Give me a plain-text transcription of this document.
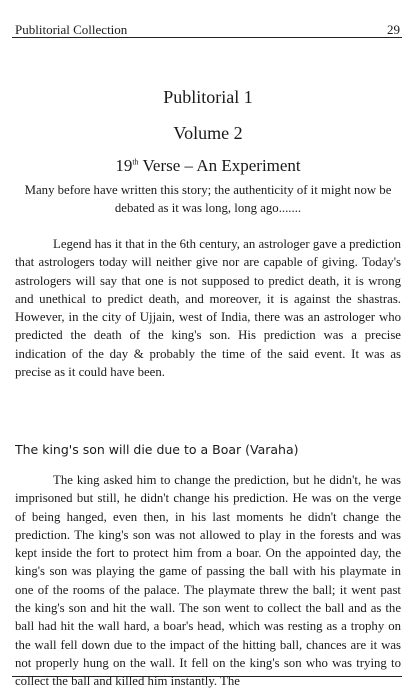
Publitorial Collection	29
Publitorial 1
Volume 2
19th Verse – An Experiment
Many before have written this story; the authenticity of it might now be debated as it was long, long ago.......
Legend has it that in the 6th century, an astrologer gave a prediction that astrologers today will neither give nor are capable of giving. Today's astrologers will say that one is not supposed to predict death, it is wrong and unethical to predict death, and moreover, it is against the shastras. However, in the city of Ujjain, west of India, there was an astrologer who predicted the death of the king's son. His prediction was a precise indication of the day & probably the time of the said event. It was as precise as it could have been.
The king's son will die due to a Boar (Varaha)
The king asked him to change the prediction, but he didn't, he was imprisoned but still, he didn't change his prediction. He was on the verge of being hanged, even then, in his last moments he didn't change the prediction. The king's son was not allowed to play in the forests and was kept inside the fort to protect him from a boar. On the appointed day, the king's son was playing the game of passing the ball with his playmate in one of the rooms of the palace. The playmate threw the ball; it went past the king's son and hit the wall. The son went to collect the ball and as the ball had hit the wall hard, a boar's head, which was resting as a trophy on the wall fell down due to the impact of the hitting ball, chances are it was not properly hung on the wall. It fell on the king's son who was trying to collect the ball and killed him instantly. The
